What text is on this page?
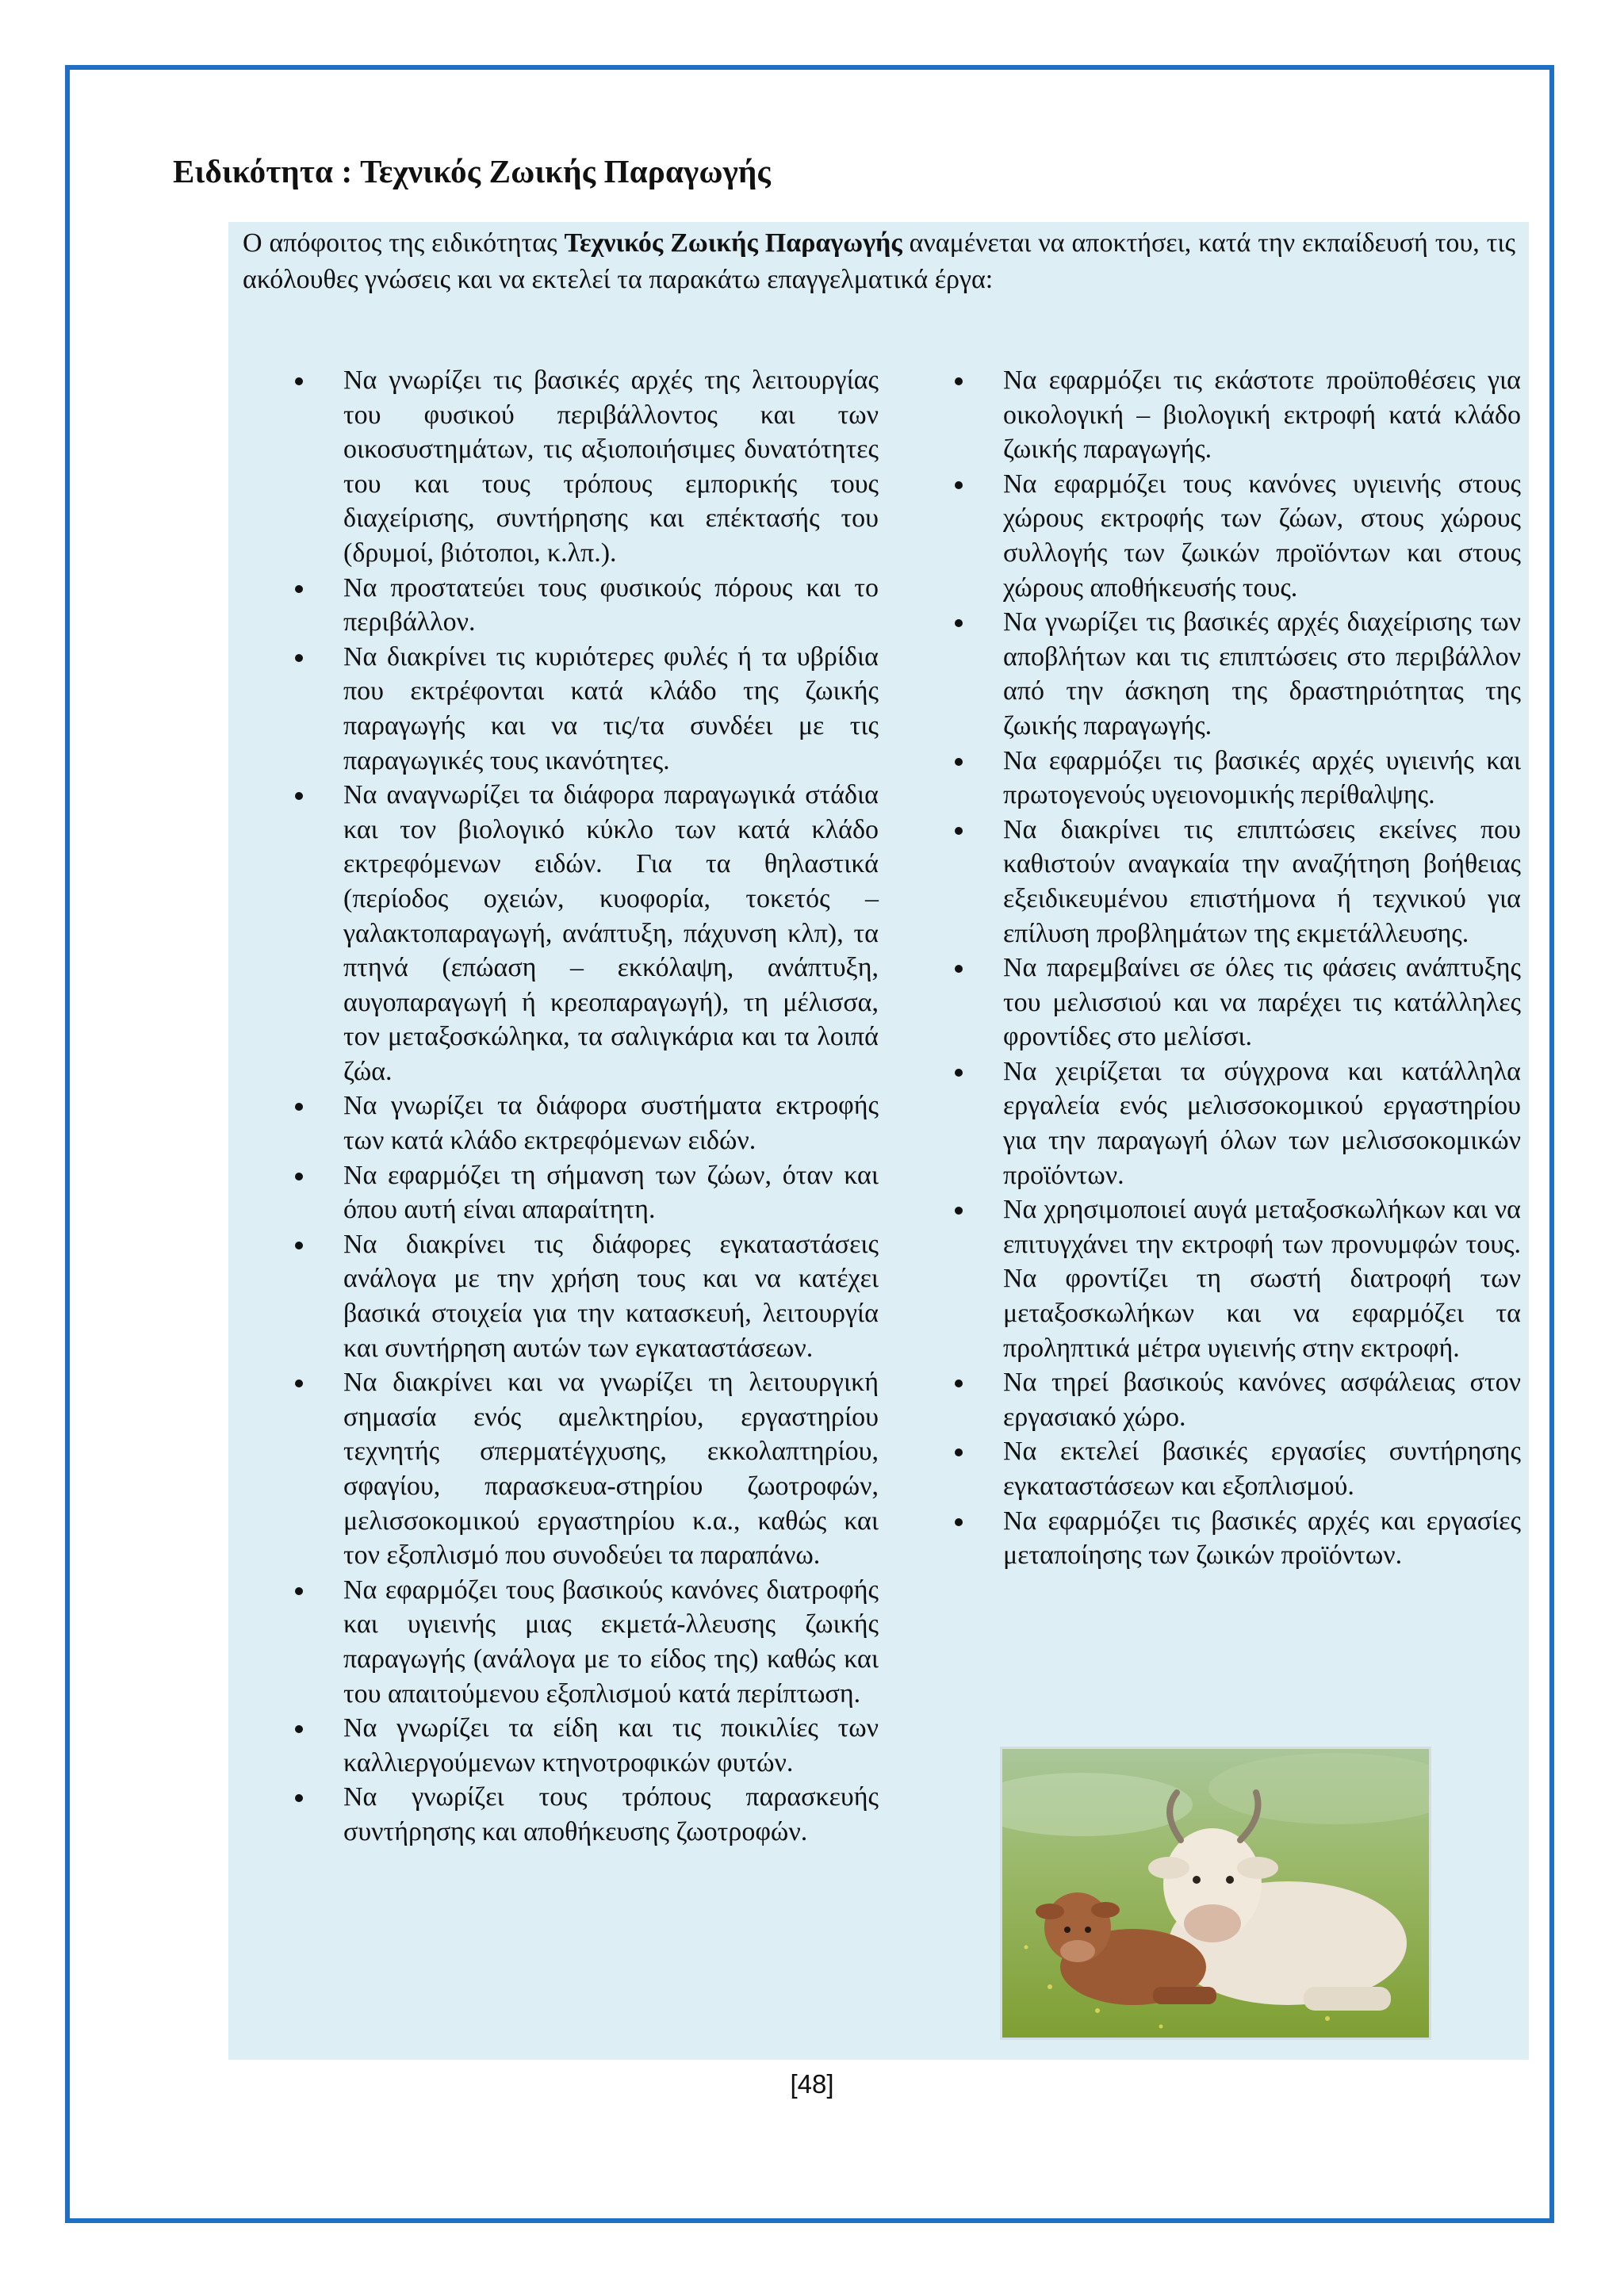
Ειδικότητα : Τεχνικός Ζωικής Παραγωγής
Ο απόφοιτος της ειδικότητας Τεχνικός Ζωικής Παραγωγής αναμένεται να αποκτήσει, κατά την εκπαίδευσή του, τις ακόλουθες γνώσεις και να εκτελεί τα παρακάτω επαγγελματικά έργα:
Να γνωρίζει τις βασικές αρχές της λειτουργίας του φυσικού περιβάλλοντος και των οικοσυστημάτων, τις αξιοποιήσιμες δυνατότητες του και τους τρόπους εμπορικής τους διαχείρισης, συντήρησης και επέκτασής του (δρυμοί, βιότοποι, κ.λπ.).
Να προστατεύει τους φυσικούς πόρους και το περιβάλλον.
Να διακρίνει τις κυριότερες φυλές ή τα υβρίδια που εκτρέφονται κατά κλάδο της ζωικής παραγωγής και να τις/τα συνδέει με τις παραγωγικές τους ικανότητες.
Να αναγνωρίζει τα διάφορα παραγωγικά στάδια και τον βιολογικό κύκλο των κατά κλάδο εκτρεφόμενων ειδών. Για τα θηλαστικά (περίοδος οχειών, κυοφορία, τοκετός – γαλακτοπαραγωγή, ανάπτυξη, πάχυνση κλπ), τα πτηνά (επώαση – εκκόλαψη, ανάπτυξη, αυγοπαραγωγή ή κρεοπαραγωγή), τη μέλισσα, τον μεταξοσκώληκα, τα σαλιγκάρια και τα λοιπά ζώα.
Να γνωρίζει τα διάφορα συστήματα εκτροφής των κατά κλάδο εκτρεφόμενων ειδών.
Να εφαρμόζει τη σήμανση των ζώων, όταν και όπου αυτή είναι απαραίτητη.
Να διακρίνει τις διάφορες εγκαταστάσεις ανάλογα με την χρήση τους και να κατέχει βασικά στοιχεία για την κατασκευή, λειτουργία και συντήρηση αυτών των εγκαταστάσεων.
Να διακρίνει και να γνωρίζει τη λειτουργική σημασία ενός αμελκτηρίου, εργαστηρίου τεχνητής σπερματέγχυσης, εκκολαπτηρίου, σφαγίου, παρασκευα-στηρίου ζωοτροφών, μελισσοκομικού εργαστηρίου κ.α., καθώς και τον εξοπλισμό που συνοδεύει τα παραπάνω.
Να εφαρμόζει τους βασικούς κανόνες διατροφής και υγιεινής μιας εκμετά-λλευσης ζωικής παραγωγής (ανάλογα με το είδος της) καθώς και του απαιτούμενου εξοπλισμού κατά περίπτωση.
Να γνωρίζει τα είδη και τις ποικιλίες των καλλιεργούμενων κτηνοτροφικών φυτών.
Να γνωρίζει τους τρόπους παρασκευής συντήρησης και αποθήκευσης ζωοτροφών.
Να εφαρμόζει τις εκάστοτε προϋποθέσεις για οικολογική – βιολογική εκτροφή κατά κλάδο ζωικής παραγωγής.
Να εφαρμόζει τους κανόνες υγιεινής στους χώρους εκτροφής των ζώων, στους χώρους συλλογής των ζωικών προϊόντων και στους χώρους αποθήκευσής τους.
Να γνωρίζει τις βασικές αρχές διαχείρισης των αποβλήτων και τις επιπτώσεις στο περιβάλλον από την άσκηση της δραστηριότητας της ζωικής παραγωγής.
Να εφαρμόζει τις βασικές αρχές υγιεινής και πρωτογενούς υγειονομικής περίθαλψης.
Να διακρίνει τις επιπτώσεις εκείνες που καθιστούν αναγκαία την αναζήτηση βοήθειας εξειδικευμένου επιστήμονα ή τεχνικού για επίλυση προβλημάτων της εκμετάλλευσης.
Να παρεμβαίνει σε όλες τις φάσεις ανάπτυξης του μελισσιού και να παρέχει τις κατάλληλες φροντίδες στο μελίσσι.
Να χειρίζεται τα σύγχρονα και κατάλληλα εργαλεία ενός μελισσοκομικού εργαστηρίου για την παραγωγή όλων των μελισσοκομικών προϊόντων.
Να χρησιμοποιεί αυγά μεταξοσκωλήκων και να επιτυγχάνει την εκτροφή των προνυμφών τους. Να φροντίζει τη σωστή διατροφή των μεταξοσκωλήκων και να εφαρμόζει τα προληπτικά μέτρα υγιεινής στην εκτροφή.
Να τηρεί βασικούς κανόνες ασφάλειας στον εργασιακό χώρο.
Να εκτελεί βασικές εργασίες συντήρησης εγκαταστάσεων και εξοπλισμού.
Να εφαρμόζει τις βασικές αρχές και εργασίες μεταποίησης των ζωικών προϊόντων.
[48]
